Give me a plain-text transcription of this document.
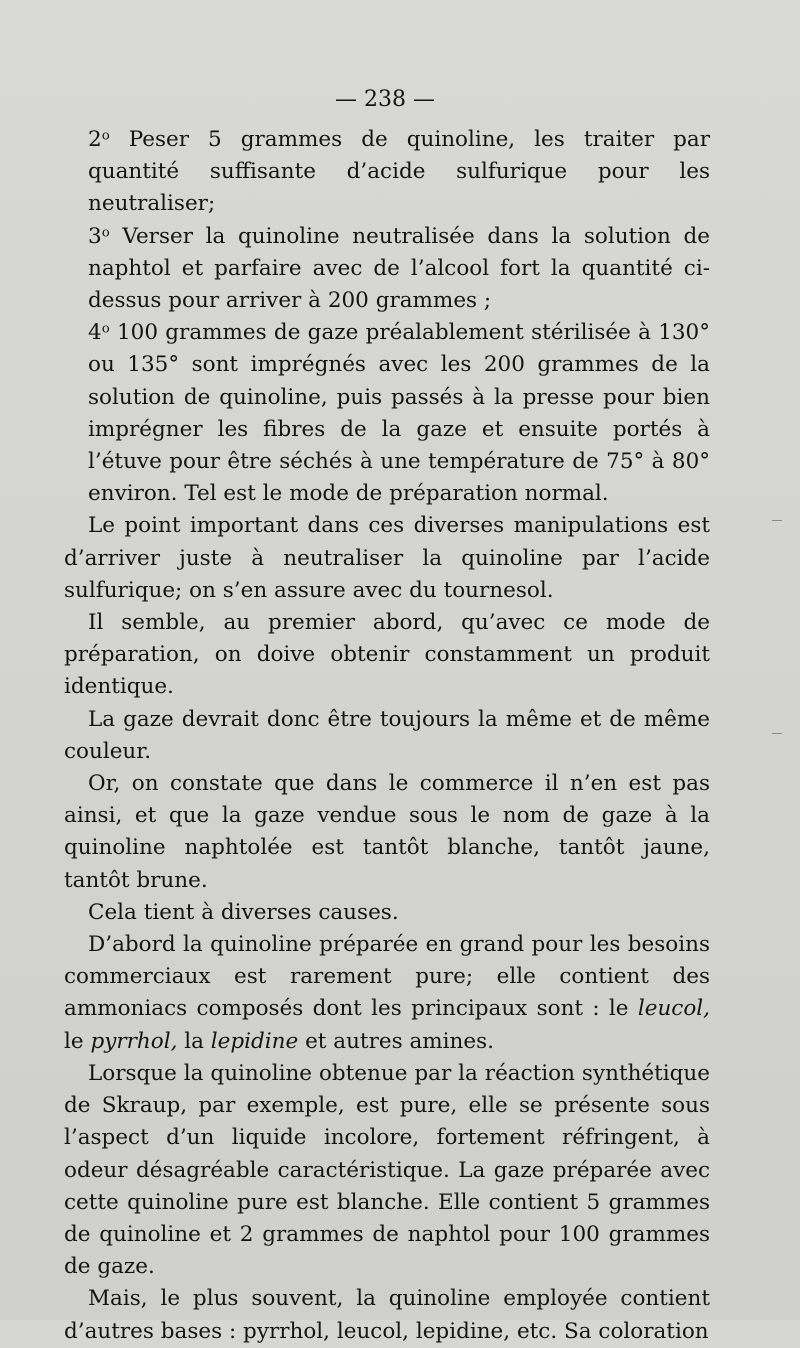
— 238 —

2$^o$ Peser 5 grammes de quinoline, les traiter par quantité suffisante d’acide sulfurique pour les neutraliser;

3$^o$ Verser la quinoline neutralisée dans la solution de naphtol et parfaire avec de l’alcool fort la quantité ci-dessus pour arriver à 200 grammes ;

4$^o$ 100 grammes de gaze préalablement stérilisée à 130° ou 135° sont imprégnés avec les 200 grammes de la solution de quinoline, puis passés à la presse pour bien imprégner les fibres de la gaze et ensuite portés à l’étuve pour être séchés à une température de 75° à 80° environ. Tel est le mode de préparation normal.

Le point important dans ces diverses manipulations est d’arriver juste à neutraliser la quinoline par l’acide sulfurique; on s’en assure avec du tournesol.

Il semble, au premier abord, qu’avec ce mode de préparation, on doive obtenir constamment un produit identique.

La gaze devrait donc être toujours la même et de même couleur.

Or, on constate que dans le commerce il n’en est pas ainsi, et que la gaze vendue sous le nom de gaze à la quinoline naphtolée est tantôt blanche, tantôt jaune, tantôt brune.

Cela tient à diverses causes.

D’abord la quinoline préparée en grand pour les besoins commerciaux est rarement pure; elle contient des ammoniacs composés dont les principaux sont : le leucol, le pyrrhol, la lepidine et autres amines.

Lorsque la quinoline obtenue par la réaction synthétique de Skraup, par exemple, est pure, elle se présente sous l’aspect d’un liquide incolore, fortement réfringent, à odeur désagréable caractéristique. La gaze préparée avec cette quinoline pure est blanche. Elle contient 5 grammes de quinoline et 2 grammes de naphtol pour 100 grammes de gaze.

Mais, le plus souvent, la quinoline employée contient d’autres bases : pyrrhol, leucol, lepidine, etc. Sa coloration
